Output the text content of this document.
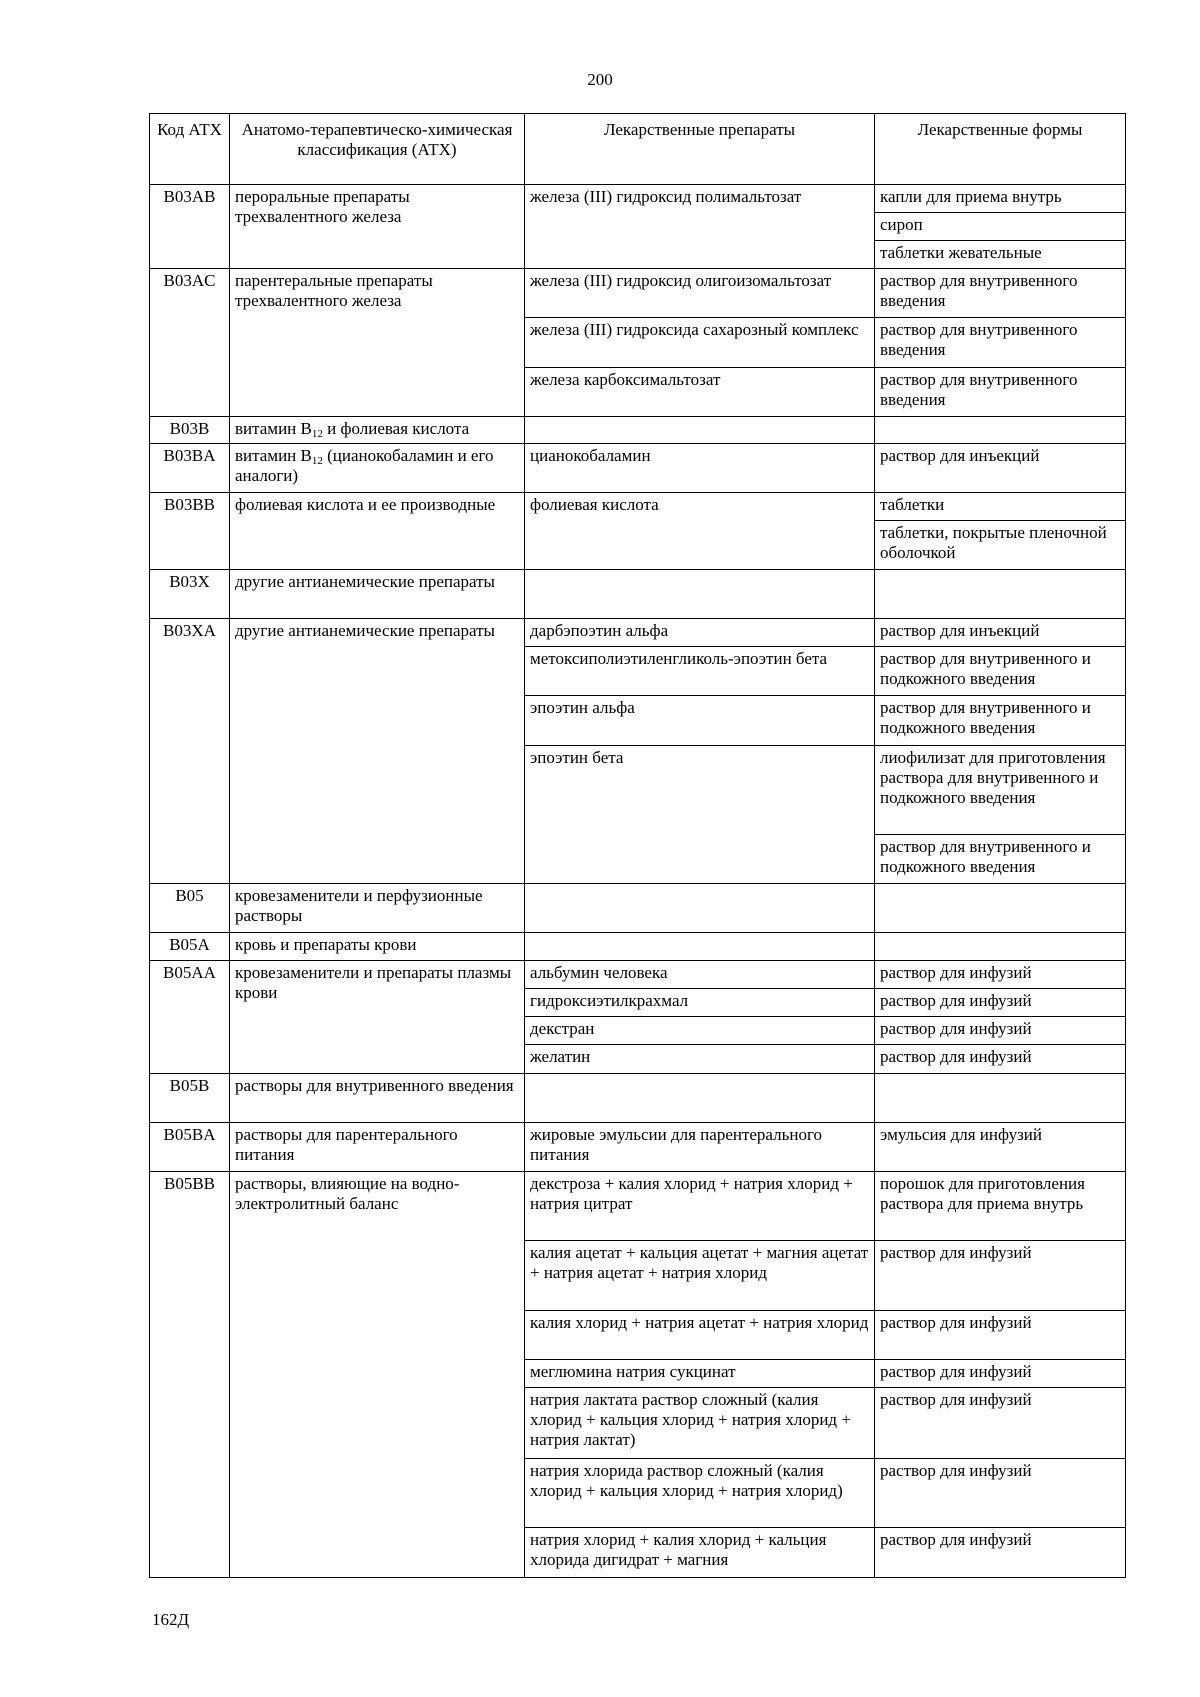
200
Код АТХ	Анатомо-терапевтическо-химическая классификация (АТХ)	Лекарственные препараты	Лекарственные формы
B03AB	пероральные препараты трехвалентного железа	железа (III) гидроксид полимальтозат	капли для приема внутрь
			сироп
			таблетки жевательные
B03AC	парентеральные препараты трехвалентного железа	железа (III) гидроксид олигоизомальтозат	раствор для внутривенного введения
		железа (III) гидроксида сахарозный комплекс	раствор для внутривенного введения
		железа карбоксимальтозат	раствор для внутривенного введения
B03B	витамин $B_{12}$ и фолиевая кислота		
B03BA	витамин $B_{12}$ (цианокобаламин и его аналоги)	цианокобаламин	раствор для инъекций
B03BB	фолиевая кислота и ее производные	фолиевая кислота	таблетки
			таблетки, покрытые пленочной оболочкой
B03X	другие антианемические препараты		
B03XA	другие антианемические препараты	дарбэпоэтин альфа	раствор для инъекций
		метоксиполиэтиленгликоль-эпоэтин бета	раствор для внутривенного и подкожного введения
		эпоэтин альфа	раствор для внутривенного и подкожного введения
		эпоэтин бета	лиофилизат для приготовления раствора для внутривенного и подкожного введения
			раствор для внутривенного и подкожного введения
B05	кровезаменители и перфузионные растворы		
B05A	кровь и препараты крови		
B05AA	кровезаменители и препараты плазмы крови	альбумин человека	раствор для инфузий
		гидроксиэтилкрахмал	раствор для инфузий
		декстран	раствор для инфузий
		желатин	раствор для инфузий
B05B	растворы для внутривенного введения		
B05BA	растворы для парентерального питания	жировые эмульсии для парентерального питания	эмульсия для инфузий
B05BB	растворы, влияющие на водно-электролитный баланс	декстроза + калия хлорид + натрия хлорид + натрия цитрат	порошок для приготовления раствора для приема внутрь
		калия ацетат + кальция ацетат + магния ацетат + натрия ацетат + натрия хлорид	раствор для инфузий
		калия хлорид + натрия ацетат + натрия хлорид	раствор для инфузий
		меглюмина натрия сукцинат	раствор для инфузий
		натрия лактата раствор сложный (калия хлорид + кальция хлорид + натрия хлорид + натрия лактат)	раствор для инфузий
		натрия хлорида раствор сложный (калия хлорид + кальция хлорид + натрия хлорид)	раствор для инфузий
		натрия хлорид + калия хлорид + кальция хлорида дигидрат + магния	раствор для инфузий
162Д
